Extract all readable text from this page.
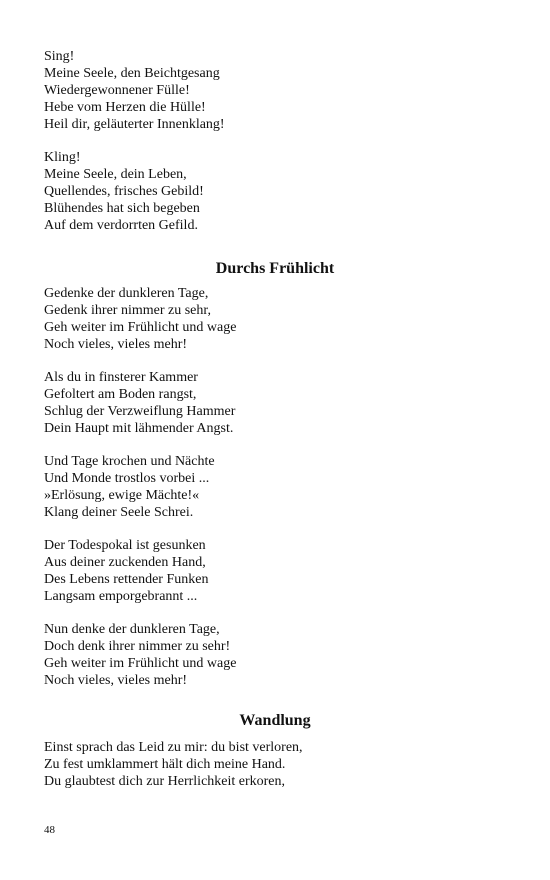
Sing!
Meine Seele, den Beichtgesang
Wiedergewonnener Fülle!
Hebe vom Herzen die Hülle!
Heil dir, geläuterter Innenklang!
Kling!
Meine Seele, dein Leben,
Quellendes, frisches Gebild!
Blühendes hat sich begeben
Auf dem verdorrten Gefild.
Durchs Frühlicht
Gedenke der dunkleren Tage,
Gedenk ihrer nimmer zu sehr,
Geh weiter im Frühlicht und wage
Noch vieles, vieles mehr!
Als du in finsterer Kammer
Gefoltert am Boden rangst,
Schlug der Verzweiflung Hammer
Dein Haupt mit lähmender Angst.
Und Tage krochen und Nächte
Und Monde trostlos vorbei ...
»Erlösung, ewige Mächte!«
Klang deiner Seele Schrei.
Der Todespokal ist gesunken
Aus deiner zuckenden Hand,
Des Lebens rettender Funken
Langsam emporgebrannt ...
Nun denke der dunkleren Tage,
Doch denk ihrer nimmer zu sehr!
Geh weiter im Frühlicht und wage
Noch vieles, vieles mehr!
Wandlung
Einst sprach das Leid zu mir: du bist verloren,
Zu fest umklammert hält dich meine Hand.
Du glaubtest dich zur Herrlichkeit erkoren,
48
